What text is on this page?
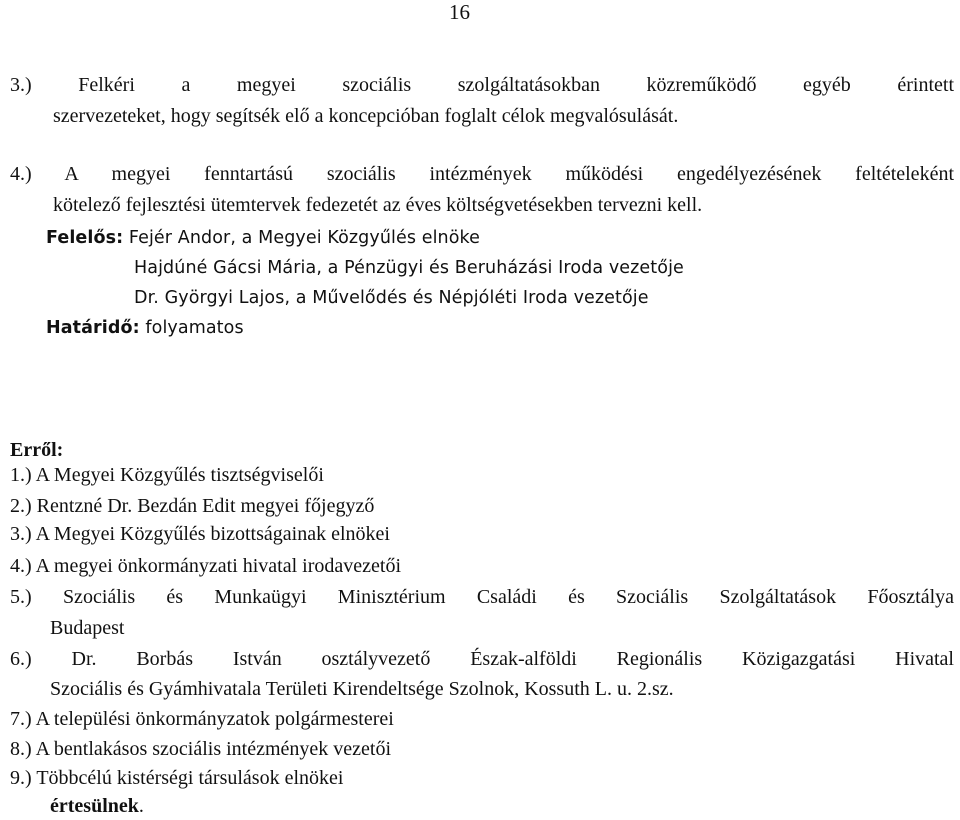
16
3.) Felkéri a megyei szociális szolgáltatásokban közreműködő egyéb érintett
szervezeteket, hogy segítsék elő a koncepcióban foglalt célok megvalósulását.
4.) A megyei fenntartású szociális intézmények működési engedélyezésének feltételeként
kötelező fejlesztési ütemtervek fedezetét az éves költségvetésekben tervezni kell.
Felelős: Fejér Andor, a Megyei Közgyűlés elnöke
Hajdúné Gácsi Mária, a Pénzügyi és Beruházási Iroda vezetője
Dr. Györgyi Lajos, a Művelődés és Népjóléti Iroda vezetője
Határidő: folyamatos
Erről:
1.) A Megyei Közgyűlés tisztségviselői
2.) Rentzné Dr. Bezdán Edit megyei főjegyző
3.) A Megyei Közgyűlés bizottságainak elnökei
4.) A megyei önkormányzati hivatal irodavezetői
5.) Szociális és Munkaügyi Minisztérium Családi és Szociális Szolgáltatások Főosztálya
Budapest
6.) Dr. Borbás István osztályvezető Észak-alföldi Regionális Közigazgatási Hivatal
Szociális és Gyámhivatala Területi Kirendeltsége Szolnok, Kossuth L. u. 2.sz.
7.) A települési önkormányzatok polgármesterei
8.) A bentlakásos szociális intézmények vezetői
9.) Többcélú kistérségi társulások elnökei
értesülnek.
